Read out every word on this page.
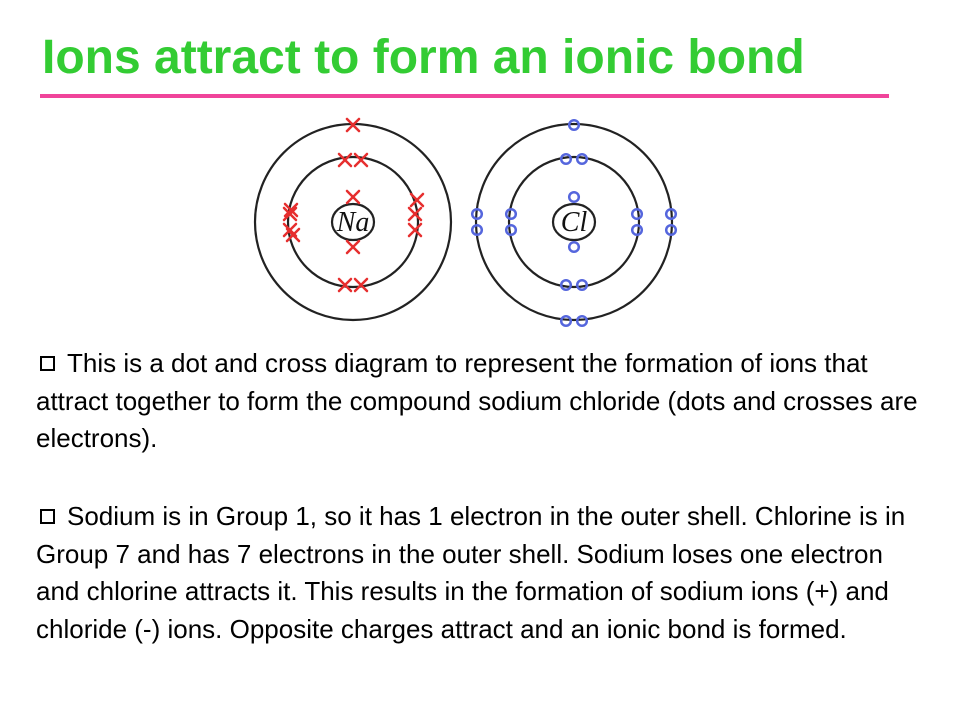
Ions attract to form an ionic bond
Na	Cl
This is a dot and cross diagram to represent the formation of ions that attract together to form the compound sodium chloride (dots and crosses are electrons).
Sodium is in Group 1, so it has 1 electron in the outer shell. Chlorine is in Group 7 and has 7 electrons in the outer shell. Sodium loses one electron and chlorine attracts it. This results in the formation of sodium ions (+) and chloride (-) ions. Opposite charges attract and an ionic bond is formed.
